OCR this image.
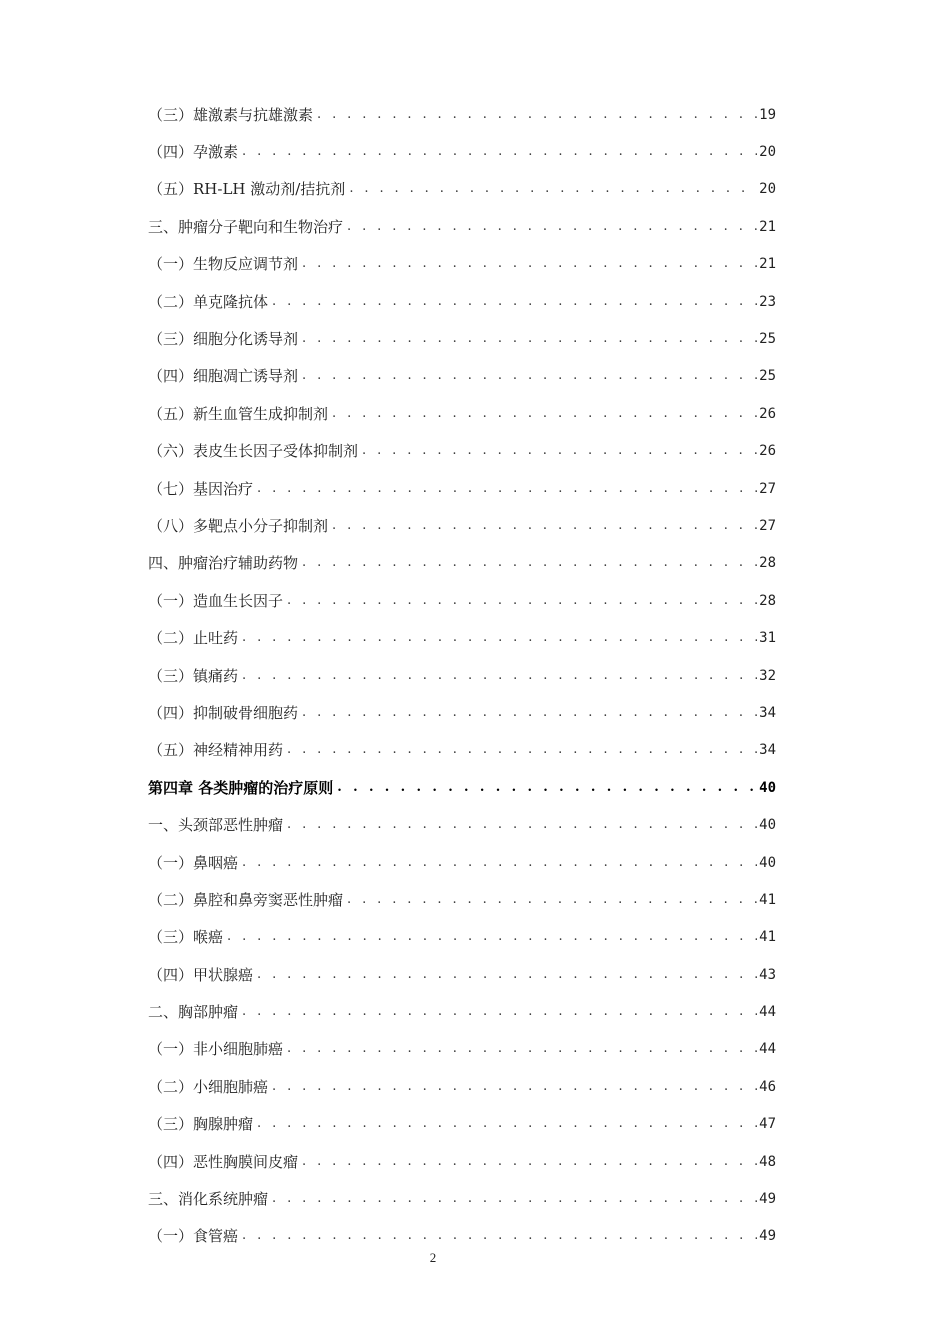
（三）雄激素与抗雄激素 . . .	19
（四）孕激素 . . .	20
（五）RH-LH 激动剂/拮抗剂 . . .	20
三、肿瘤分子靶向和生物治疗 . . .	21
（一）生物反应调节剂 . . .	21
（二）单克隆抗体 . . .	23
（三）细胞分化诱导剂 . . .	25
（四）细胞凋亡诱导剂 . . .	25
（五）新生血管生成抑制剂 . . .	26
（六）表皮生长因子受体抑制剂 . . .	26
（七）基因治疗 . . .	27
（八）多靶点小分子抑制剂 . . .	27
四、肿瘤治疗辅助药物 . . .	28
（一）造血生长因子 . . .	28
（二）止吐药 . . .	31
（三）镇痛药 . . .	32
（四）抑制破骨细胞药 . . .	34
（五）神经精神用药 . . .	34
第四章 各类肿瘤的治疗原则 . . .	40
一、头颈部恶性肿瘤 . . .	40
（一）鼻咽癌 . . .	40
（二）鼻腔和鼻旁窦恶性肿瘤 . . .	41
（三）喉癌 . . .	41
（四）甲状腺癌 . . .	43
二、胸部肿瘤 . . .	44
（一）非小细胞肺癌 . . .	44
（二）小细胞肺癌 . . .	46
（三）胸腺肿瘤 . . .	47
（四）恶性胸膜间皮瘤 . . .	48
三、消化系统肿瘤 . . .	49
（一）食管癌 . . .	49
2
